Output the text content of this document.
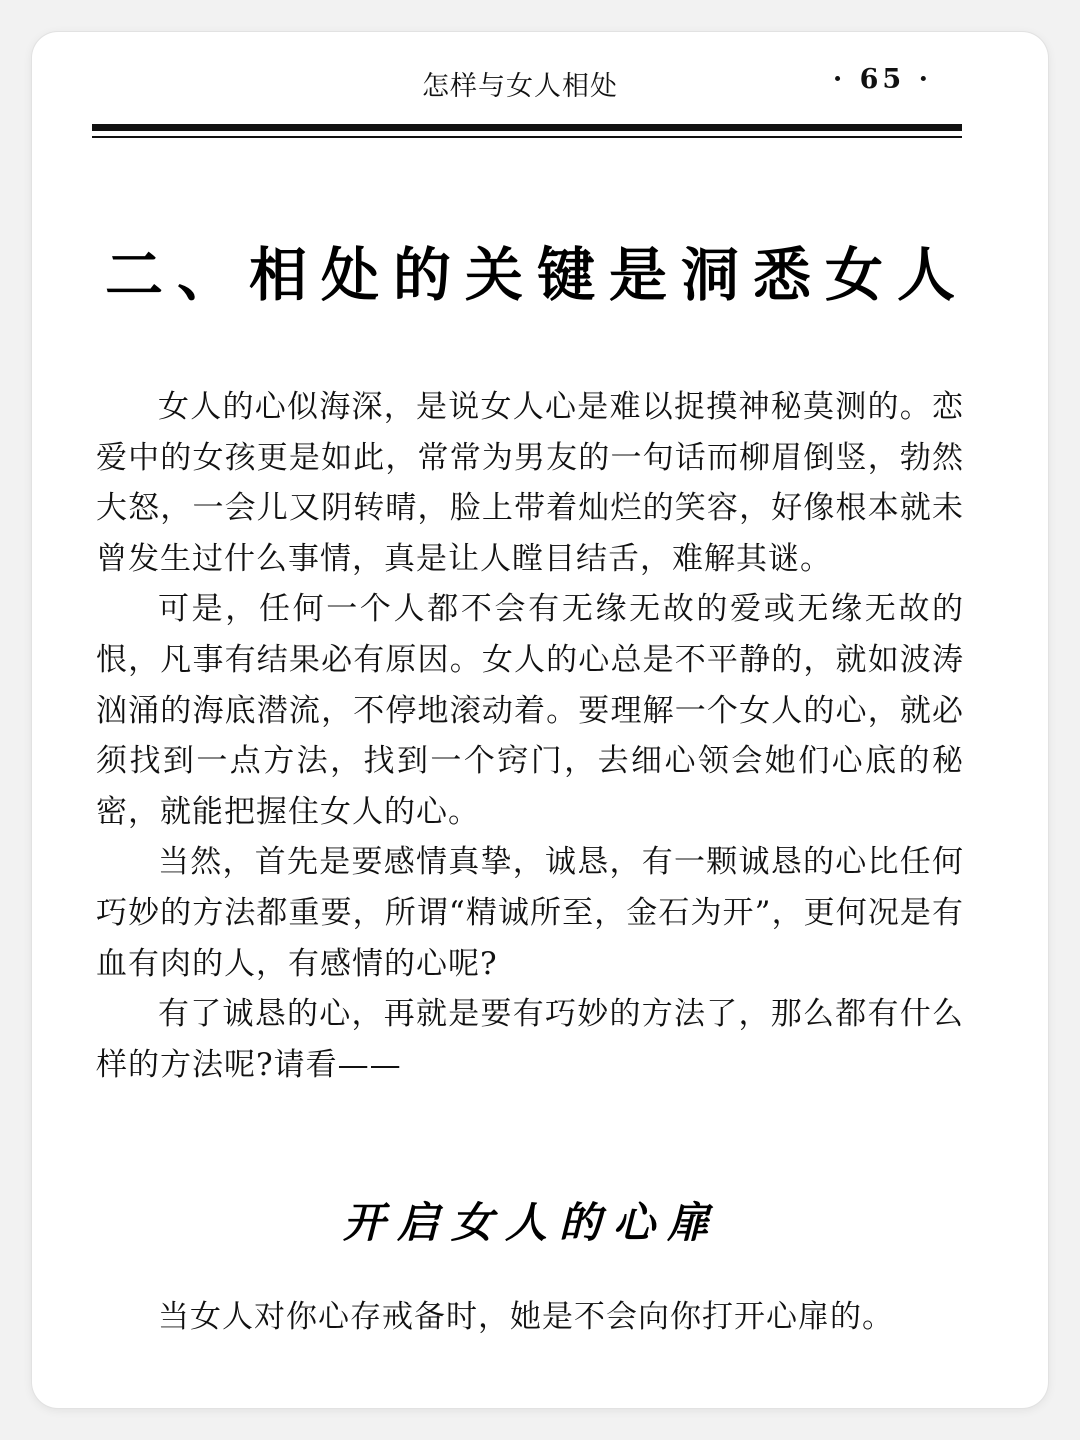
怎样与女人相处	· 65 ·
二、相处的关键是洞悉女人

女人的心似海深，是说女人心是难以捉摸神秘莫测的。恋爱中的女孩更是如此，常常为男友的一句话而柳眉倒竖，勃然大怒，一会儿又阴转晴，脸上带着灿烂的笑容，好像根本就未曾发生过什么事情，真是让人瞠目结舌，难解其谜。

可是，任何一个人都不会有无缘无故的爱或无缘无故的恨，凡事有结果必有原因。女人的心总是不平静的，就如波涛汹涌的海底潜流，不停地滚动着。要理解一个女人的心，就必须找到一点方法，找到一个窍门，去细心领会她们心底的秘密，就能把握住女人的心。

当然，首先是要感情真挚，诚恳，有一颗诚恳的心比任何巧妙的方法都重要，所谓“精诚所至，金石为开”，更何况是有血有肉的人，有感情的心呢?

有了诚恳的心，再就是要有巧妙的方法了，那么都有什么样的方法呢?请看——

开启女人的心扉

当女人对你心存戒备时，她是不会向你打开心扉的。
